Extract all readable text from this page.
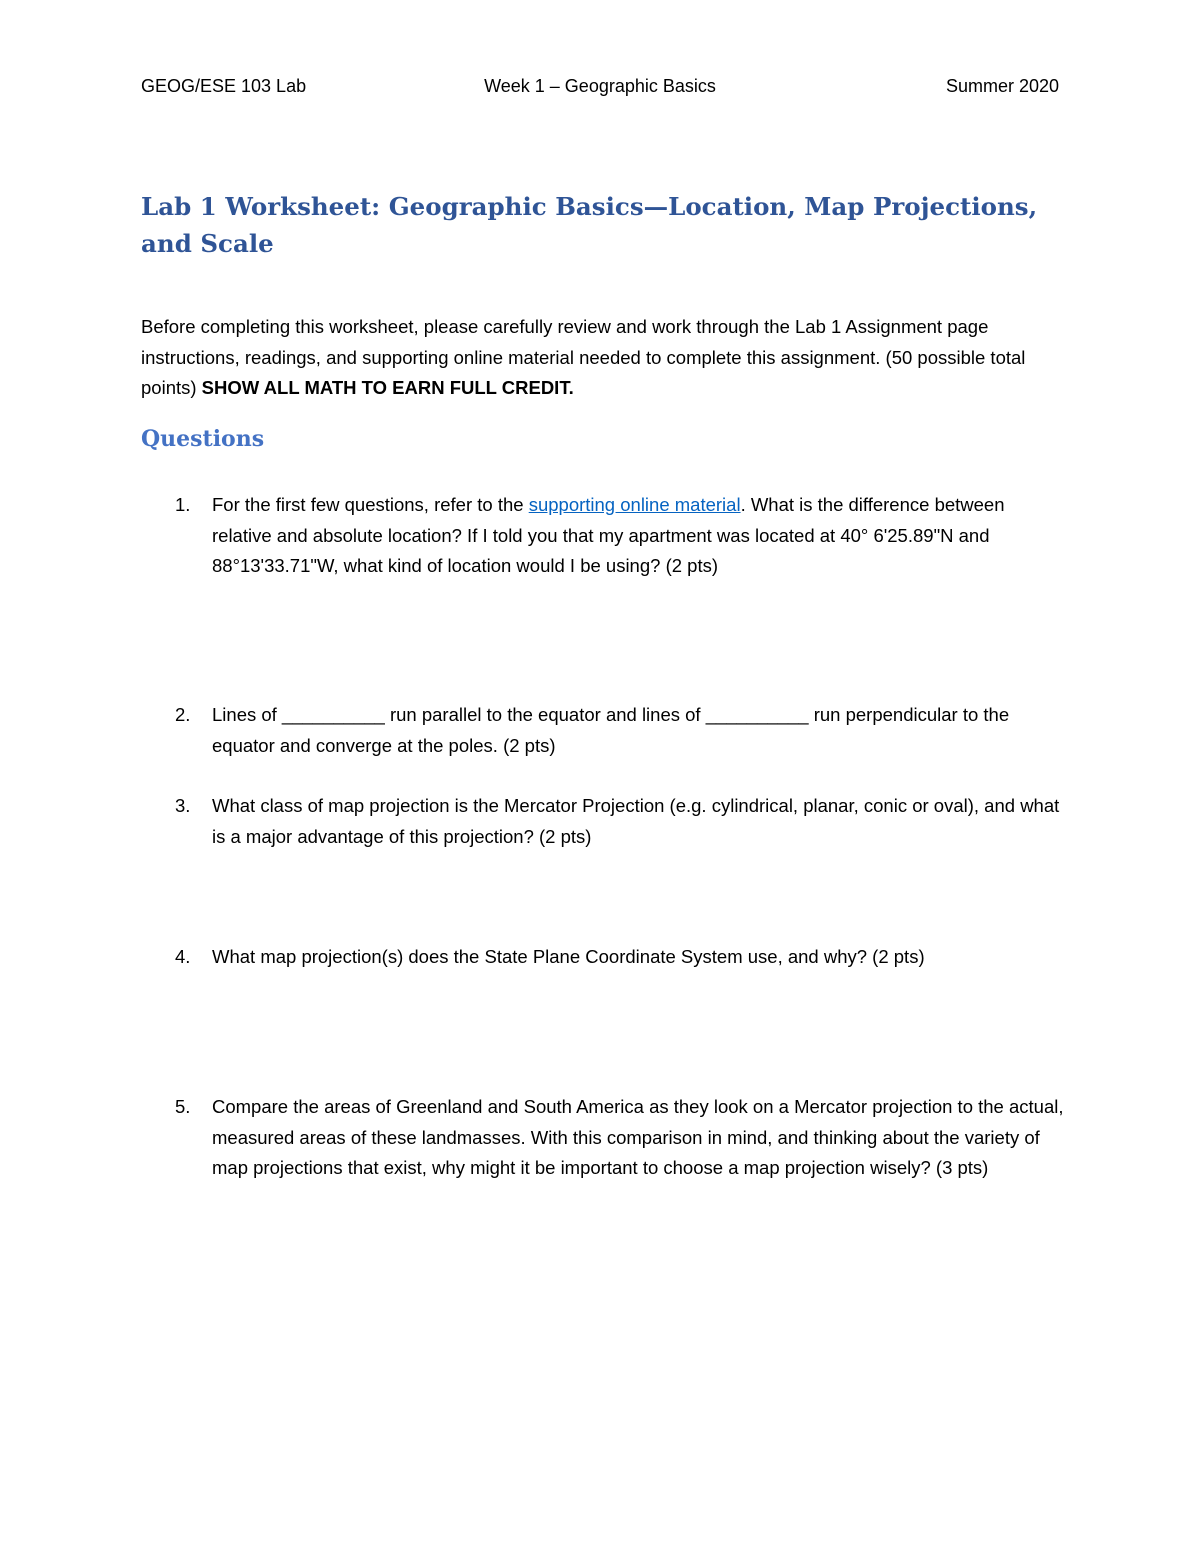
GEOG/ESE 103 Lab	Week 1 – Geographic Basics	Summer 2020
Lab 1 Worksheet: Geographic Basics—Location, Map Projections, and Scale

Before completing this worksheet, please carefully review and work through the Lab 1 Assignment page instructions, readings, and supporting online material needed to complete this assignment. (50 possible total points) SHOW ALL MATH TO EARN FULL CREDIT.

Questions
1. For the first few questions, refer to the supporting online material. What is the difference between relative and absolute location? If I told you that my apartment was located at 40° 6'25.89"N and 88°13'33.71"W, what kind of location would I be using? (2 pts)
2. Lines of __________ run parallel to the equator and lines of __________ run perpendicular to the equator and converge at the poles. (2 pts)
3. What class of map projection is the Mercator Projection (e.g. cylindrical, planar, conic or oval), and what is a major advantage of this projection? (2 pts)
4. What map projection(s) does the State Plane Coordinate System use, and why? (2 pts)
5. Compare the areas of Greenland and South America as they look on a Mercator projection to the actual, measured areas of these landmasses. With this comparison in mind, and thinking about the variety of map projections that exist, why might it be important to choose a map projection wisely? (3 pts)
